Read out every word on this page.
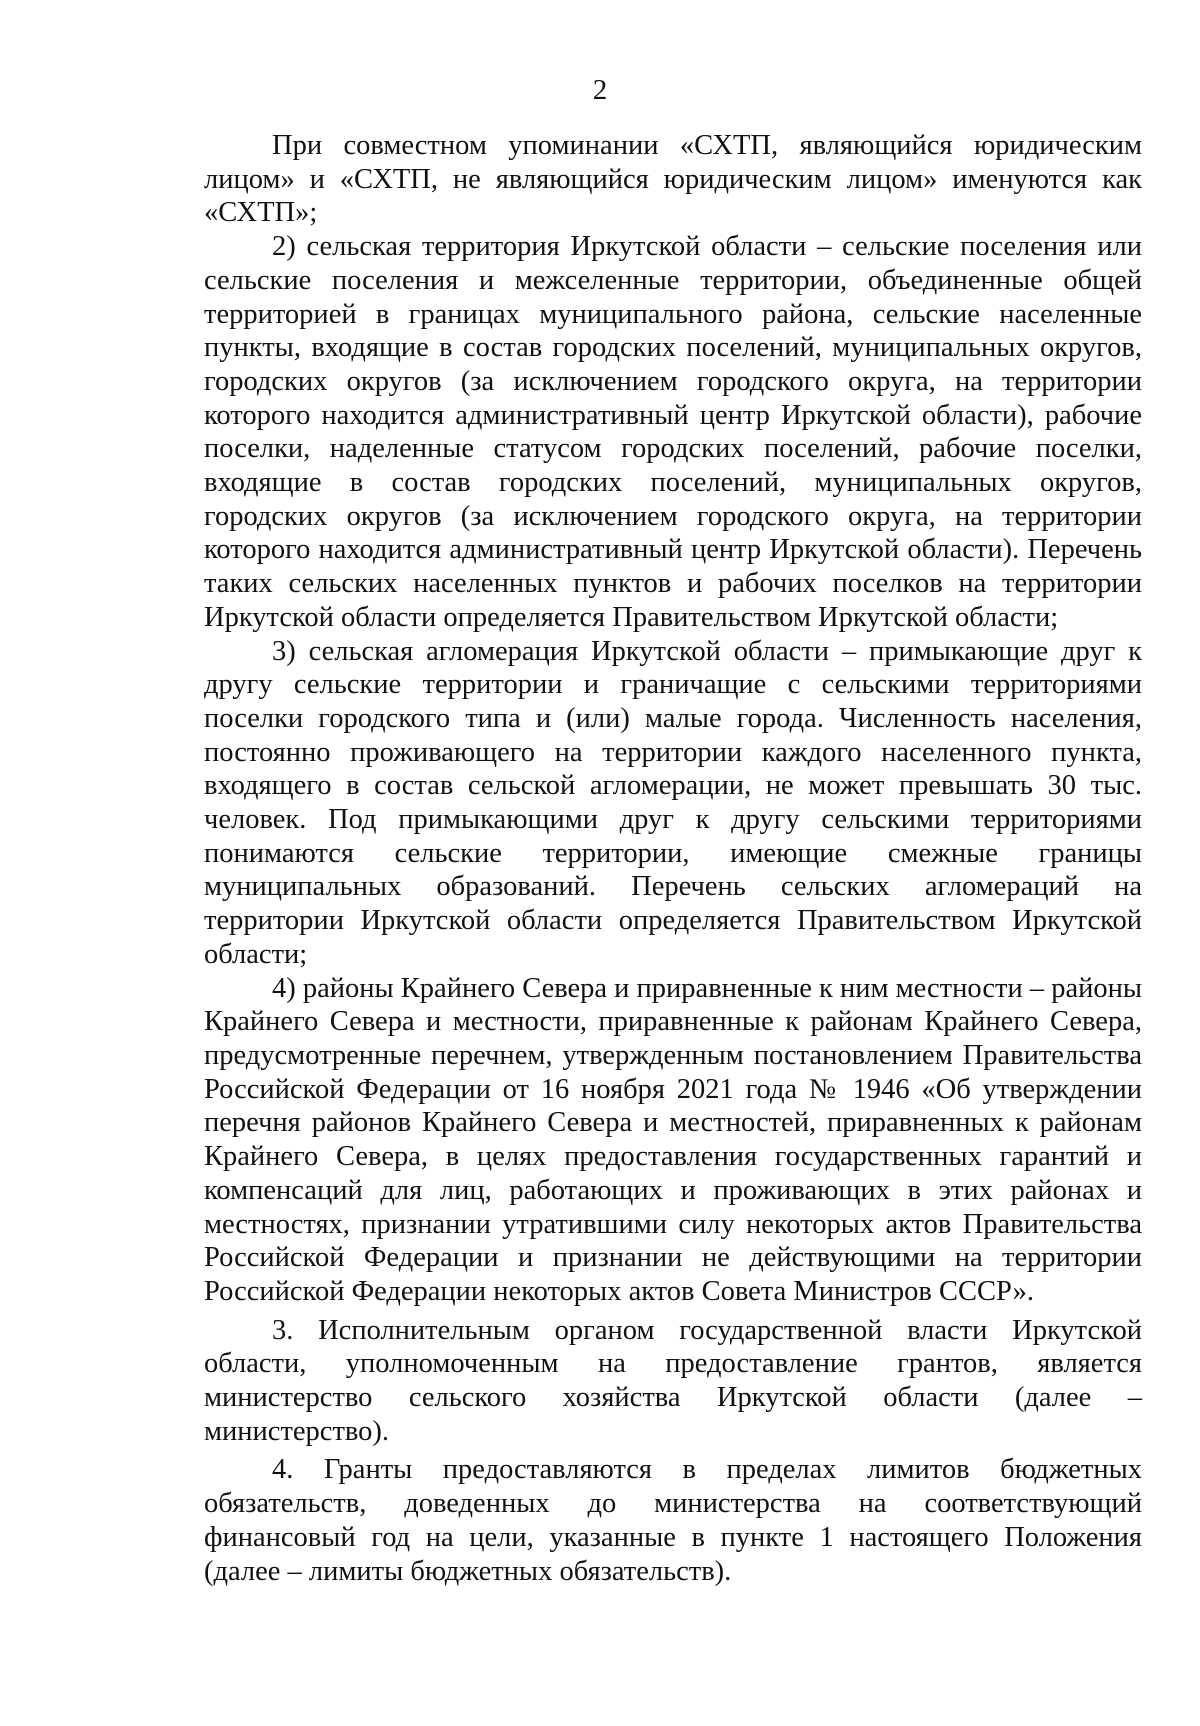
2

При совместном упоминании «СХТП, являющийся юридическим лицом» и «СХТП, не являющийся юридическим лицом» именуются как «СХТП»;

2) сельская территория Иркутской области – сельские поселения или сельские поселения и межселенные территории, объединенные общей территорией в границах муниципального района, сельские населенные пункты, входящие в состав городских поселений, муниципальных округов, городских округов (за исключением городского округа, на территории которого находится административный центр Иркутской области), рабочие поселки, наделенные статусом городских поселений, рабочие поселки, входящие в состав городских поселений, муниципальных округов, городских округов (за исключением городского округа, на территории которого находится административный центр Иркутской области). Перечень таких сельских населенных пунктов и рабочих поселков на территории Иркутской области определяется Правительством Иркутской области;

3) сельская агломерация Иркутской области – примыкающие друг к другу сельские территории и граничащие с сельскими территориями поселки городского типа и (или) малые города. Численность населения, постоянно проживающего на территории каждого населенного пункта, входящего в состав сельской агломерации, не может превышать 30 тыс. человек. Под примыкающими друг к другу сельскими территориями понимаются сельские территории, имеющие смежные границы муниципальных образований. Перечень сельских агломераций на территории Иркутской области определяется Правительством Иркутской области;

4) районы Крайнего Севера и приравненные к ним местности – районы Крайнего Севера и местности, приравненные к районам Крайнего Севера, предусмотренные перечнем, утвержденным постановлением Правительства Российской Федерации от 16 ноября 2021 года № 1946 «Об утверждении перечня районов Крайнего Севера и местностей, приравненных к районам Крайнего Севера, в целях предоставления государственных гарантий и компенсаций для лиц, работающих и проживающих в этих районах и местностях, признании утратившими силу некоторых актов Правительства Российской Федерации и признании не действующими на территории Российской Федерации некоторых актов Совета Министров СССР».

3. Исполнительным органом государственной власти Иркутской области, уполномоченным на предоставление грантов, является министерство сельского хозяйства Иркутской области (далее – министерство).

4. Гранты предоставляются в пределах лимитов бюджетных обязательств, доведенных до министерства на соответствующий финансовый год на цели, указанные в пункте 1 настоящего Положения (далее – лимиты бюджетных обязательств).
